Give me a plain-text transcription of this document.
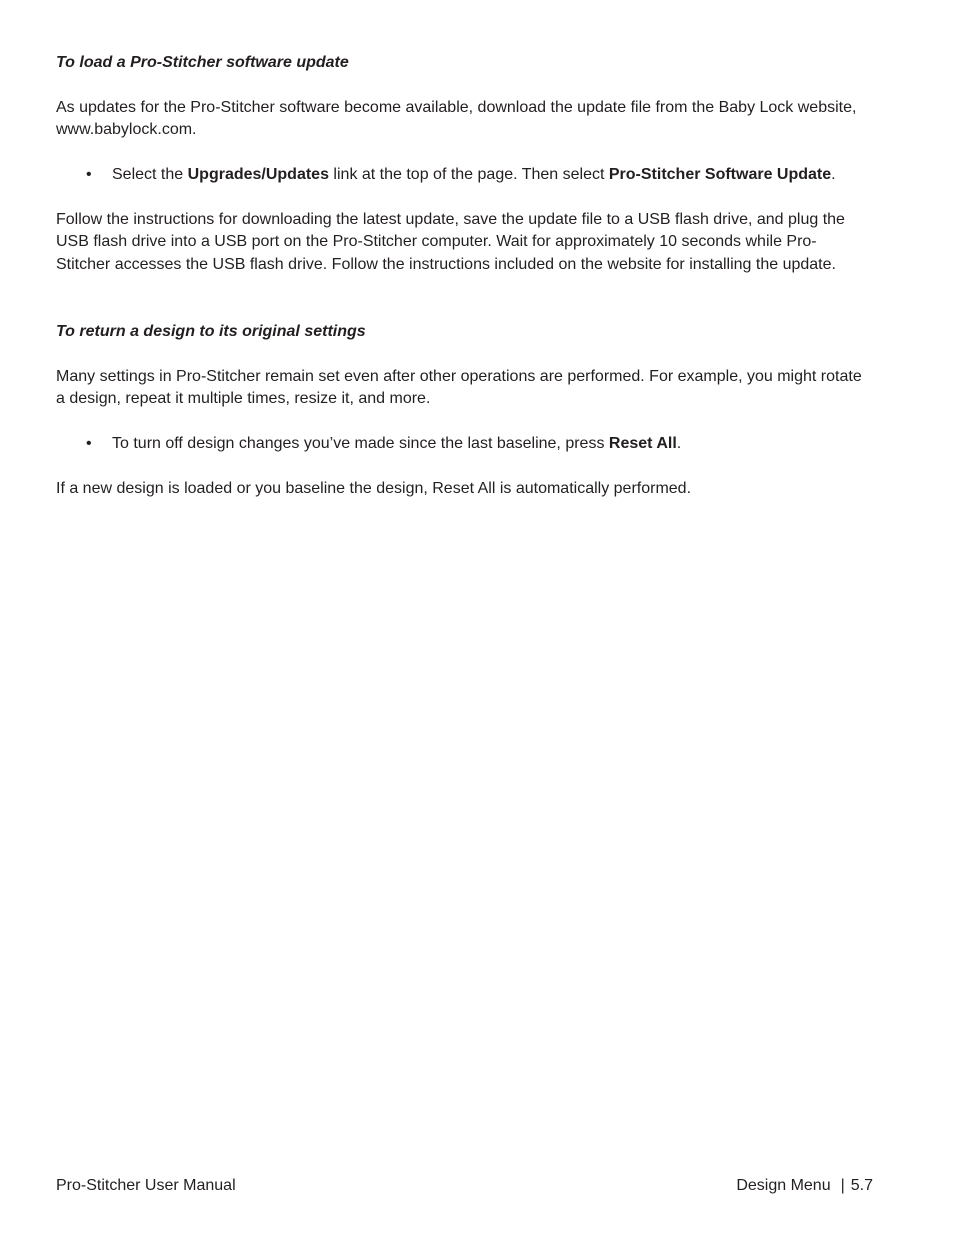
To load a Pro-Stitcher software update
As updates for the Pro-Stitcher software become available, download the update file from the Baby Lock website, www.babylock.com.
• Select the Upgrades/Updates link at the top of the page. Then select Pro-Stitcher Software Update.
Follow the instructions for downloading the latest update, save the update file to a USB flash drive, and plug the USB flash drive into a USB port on the Pro-Stitcher computer. Wait for approximately 10 seconds while Pro-Stitcher accesses the USB flash drive. Follow the instructions included on the website for installing the update.
To return a design to its original settings
Many settings in Pro-Stitcher remain set even after other operations are performed. For example, you might rotate a design, repeat it multiple times, resize it, and more.
• To turn off design changes you’ve made since the last baseline, press Reset All.
If a new design is loaded or you baseline the design, Reset All is automatically performed.
Pro-Stitcher User Manual	Design Menu | 5.7
